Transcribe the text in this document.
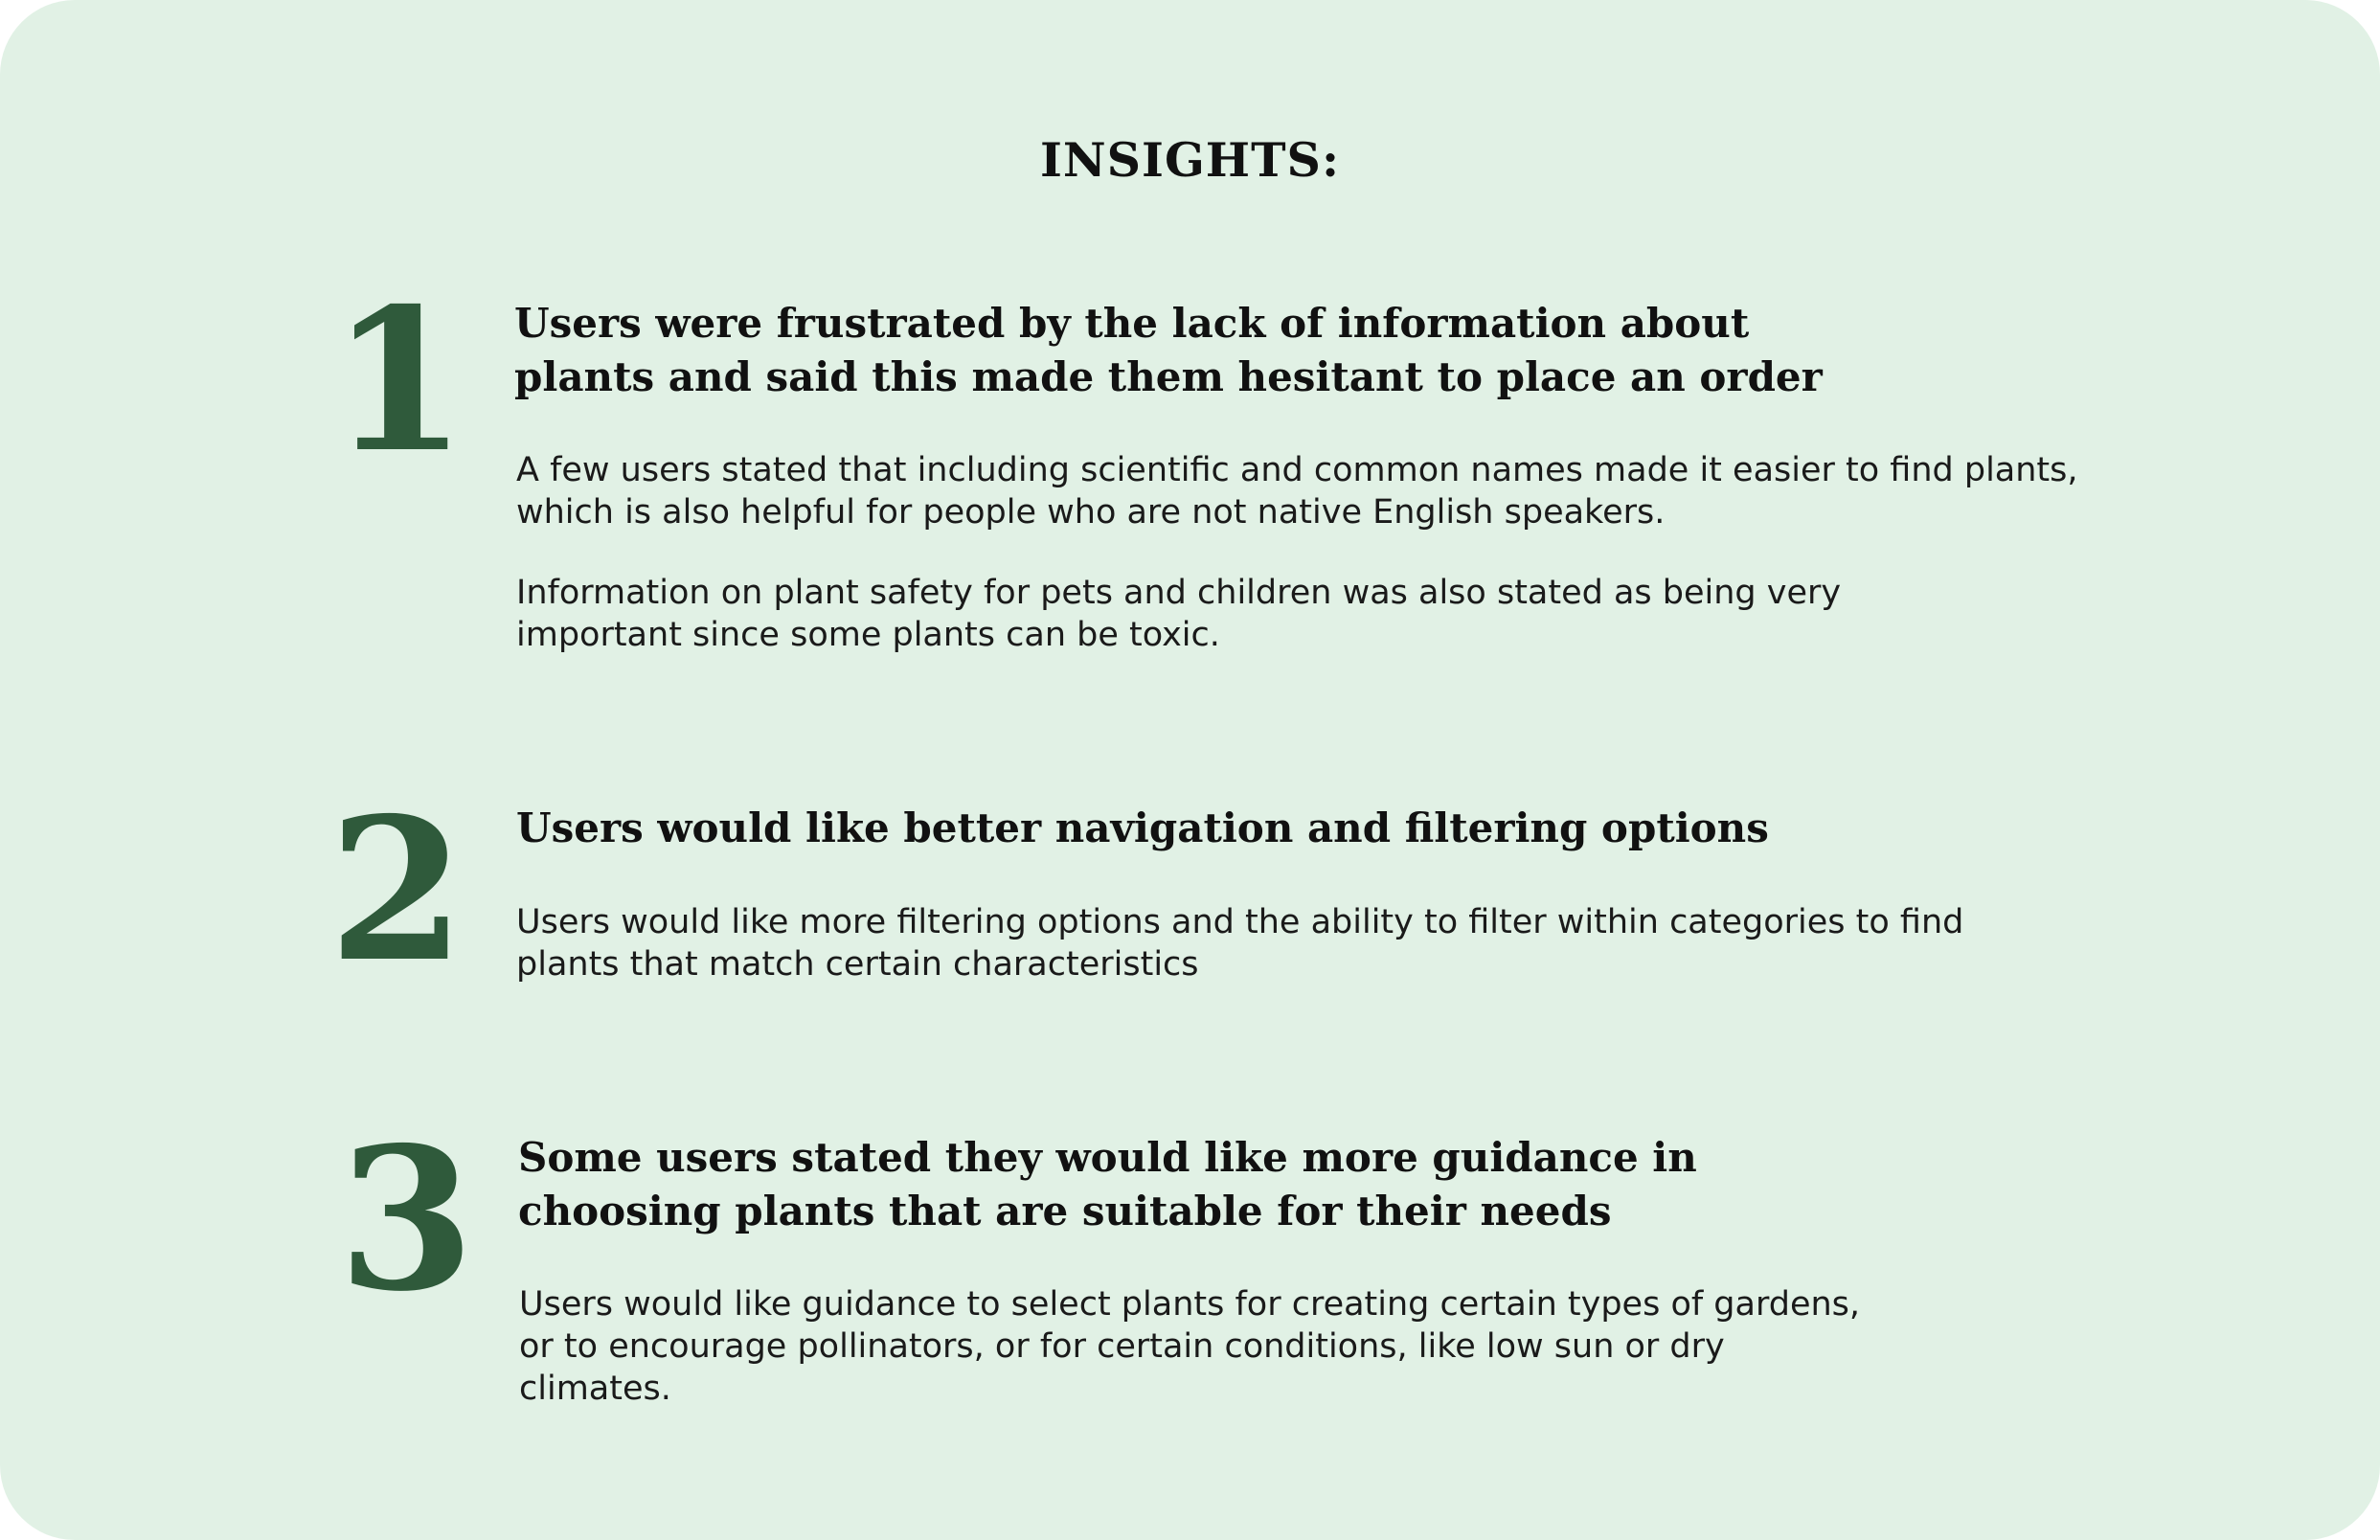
INSIGHTS:
1 Users were frustrated by the lack of information about plants and said this made them hesitant to place an order

A few users stated that including scientific and common names made it easier to find plants, which is also helpful for people who are not native English speakers.

Information on plant safety for pets and children was also stated as being very important since some plants can be toxic.

2 Users would like better navigation and filtering options

Users would like more filtering options and the ability to filter within categories to find plants that match certain characteristics

3 Some users stated they would like more guidance in choosing plants that are suitable for their needs

Users would like guidance to select plants for creating certain types of gardens, or to encourage pollinators, or for certain conditions, like low sun or dry climates.
